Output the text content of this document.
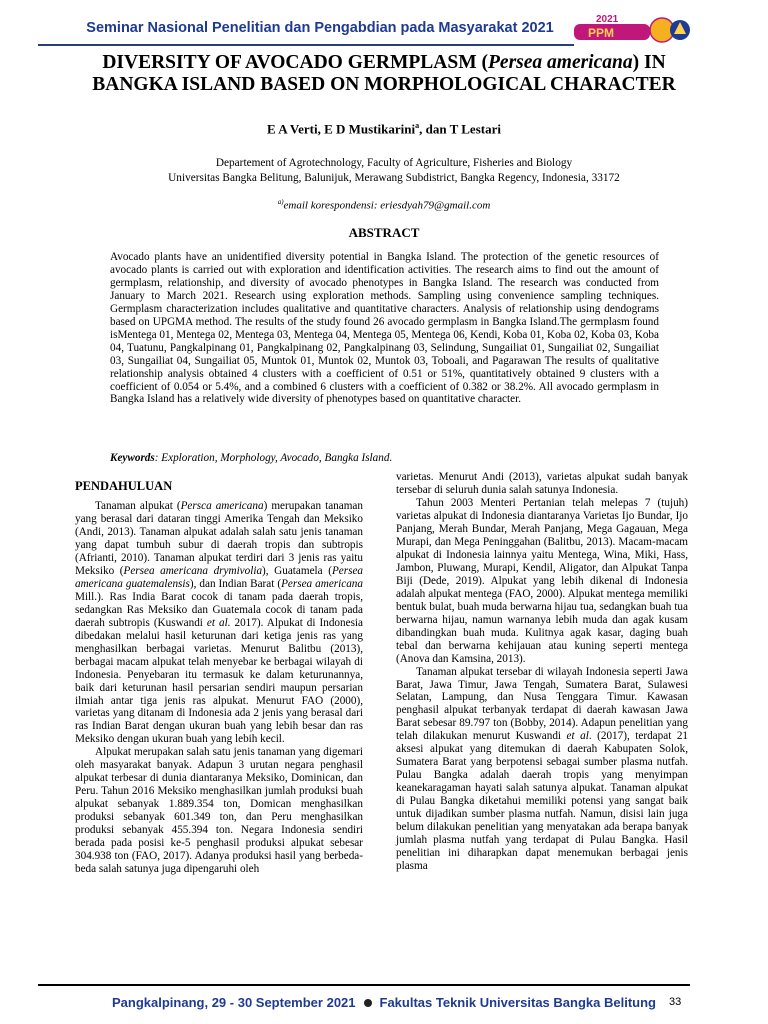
Seminar Nasional Penelitian dan Pengabdian pada Masyarakat 2021
2021
PPM
DIVERSITY OF AVOCADO GERMPLASM (Persea americana) IN
BANGKA ISLAND BASED ON MORPHOLOGICAL CHARACTER
E A Verti, E D Mustikarini$^a$, dan T Lestari
Departement of Agrotechnology, Faculty of Agriculture, Fisheries and Biology
Universitas Bangka Belitung, Balunijuk, Merawang Subdistrict, Bangka Regency, Indonesia, 33172
$^{a)}$email korespondensi: eriesdyah79@gmail.com
ABSTRACT
Avocado plants have an unidentified diversity potential in Bangka Island. The protection of the genetic resources of avocado plants is carried out with exploration and identification activities. The research aims to find out the amount of germplasm, relationship, and diversity of avocado phenotypes in Bangka Island. The research was conducted from January to March 2021. Research using exploration methods. Sampling using convenience sampling techniques. Germplasm characterization includes qualitative and quantitative characters. Analysis of relationship using dendograms based on UPGMA method. The results of the study found 26 avocado germplasm in Bangka Island.The germplasm found isMentega 01, Mentega 02, Mentega 03, Mentega 04, Mentega 05, Mentega 06, Kendi, Koba 01, Koba 02, Koba 03, Koba 04, Tuatunu, Pangkalpinang 01, Pangkalpinang 02, Pangkalpinang 03, Selindung, Sungailiat 01, Sungailiat 02, Sungailiat 03, Sungailiat 04, Sungailiat 05, Muntok 01, Muntok 02, Muntok 03, Toboali, and Pagarawan The results of qualitative relationship analysis obtained 4 clusters with a coefficient of 0.51 or 51%, quantitatively obtained 9 clusters with a coefficient of 0.054 or 5.4%, and a combined 6 clusters with a coefficient of 0.382 or 38.2%. All avocado germplasm in Bangka Island has a relatively wide diversity of phenotypes based on quantitative character.
Keywords: Exploration, Morphology, Avocado, Bangka Island.
PENDAHULUAN

Tanaman alpukat (Persca americana) merupakan tanaman yang berasal dari dataran tinggi Amerika Tengah dan Meksiko (Andi, 2013). Tanaman alpukat adalah salah satu jenis tanaman yang dapat tumbuh subur di daerah tropis dan subtropis (Afrianti, 2010). Tanaman alpukat terdiri dari 3 jenis ras yaitu Meksiko (Persea americana drymivolia), Guatamela (Persea americana guatemalensis), dan Indian Barat (Persea americana Mill.). Ras India Barat cocok di tanam pada daerah tropis, sedangkan Ras Meksiko dan Guatemala cocok di tanam pada daerah subtropis (Kuswandi et al. 2017). Alpukat di Indonesia dibedakan melalui hasil keturunan dari ketiga jenis ras yang menghasilkan berbagai varietas. Menurut Balitbu (2013), berbagai macam alpukat telah menyebar ke berbagai wilayah di Indonesia. Penyebaran itu termasuk ke dalam keturunannya, baik dari keturunan hasil persarian sendiri maupun persarian ilmiah antar tiga jenis ras alpukat. Menurut FAO (2000), varietas yang ditanam di Indonesia ada 2 jenis yang berasal dari ras Indian Barat dengan ukuran buah yang lebih besar dan ras Meksiko dengan ukuran buah yang lebih kecil.

Alpukat merupakan salah satu jenis tanaman yang digemari oleh masyarakat banyak. Adapun 3 urutan negara penghasil alpukat terbesar di dunia diantaranya Meksiko, Dominican, dan Peru. Tahun 2016 Meksiko menghasilkan jumlah produksi buah alpukat sebanyak 1.889.354 ton, Domican menghasilkan produksi sebanyak 601.349 ton, dan Peru menghasilkan produksi sebanyak 455.394 ton. Negara Indonesia sendiri berada pada posisi ke-5 penghasil produksi alpukat sebesar 304.938 ton (FAO, 2017). Adanya produksi hasil yang berbeda-beda salah satunya juga dipengaruhi oleh

varietas. Menurut Andi (2013), varietas alpukat sudah banyak tersebar di seluruh dunia salah satunya Indonesia.

Tahun 2003 Menteri Pertanian telah melepas 7 (tujuh) varietas alpukat di Indonesia diantaranya Varietas Ijo Bundar, Ijo Panjang, Merah Bundar, Merah Panjang, Mega Gagauan, Mega Murapi, dan Mega Peninggahan (Balitbu, 2013). Macam-macam alpukat di Indonesia lainnya yaitu Mentega, Wina, Miki, Hass, Jambon, Pluwang, Murapi, Kendil, Aligator, dan Alpukat Tanpa Biji (Dede, 2019). Alpukat yang lebih dikenal di Indonesia adalah alpukat mentega (FAO, 2000). Alpukat mentega memiliki bentuk bulat, buah muda berwarna hijau tua, sedangkan buah tua berwarna hijau, namun warnanya lebih muda dan agak kusam dibandingkan buah muda. Kulitnya agak kasar, daging buah tebal dan berwarna kehijauan atau kuning seperti mentega (Anova dan Kamsina, 2013).

Tanaman alpukat tersebar di wilayah Indonesia seperti Jawa Barat, Jawa Timur, Jawa Tengah, Sumatera Barat, Sulawesi Selatan, Lampung, dan Nusa Tenggara Timur. Kawasan penghasil alpukat terbanyak terdapat di daerah kawasan Jawa Barat sebesar 89.797 ton (Bobby, 2014). Adapun penelitian yang telah dilakukan menurut Kuswandi et al. (2017), terdapat 21 aksesi alpukat yang ditemukan di daerah Kabupaten Solok, Sumatera Barat yang berpotensi sebagai sumber plasma nutfah. Pulau Bangka adalah daerah tropis yang menyimpan keanekaragaman hayati salah satunya alpukat. Tanaman alpukat di Pulau Bangka diketahui memiliki potensi yang sangat baik untuk dijadikan sumber plasma nutfah. Namun, disisi lain juga belum dilakukan penelitian yang menyatakan ada berapa banyak jumlah plasma nutfah yang terdapat di Pulau Bangka. Hasil penelitian ini diharapkan dapat menemukan berbagai jenis plasma

Pangkalpinang, 29 - 30 September 2021 Fakultas Teknik Universitas Bangka Belitung	33
